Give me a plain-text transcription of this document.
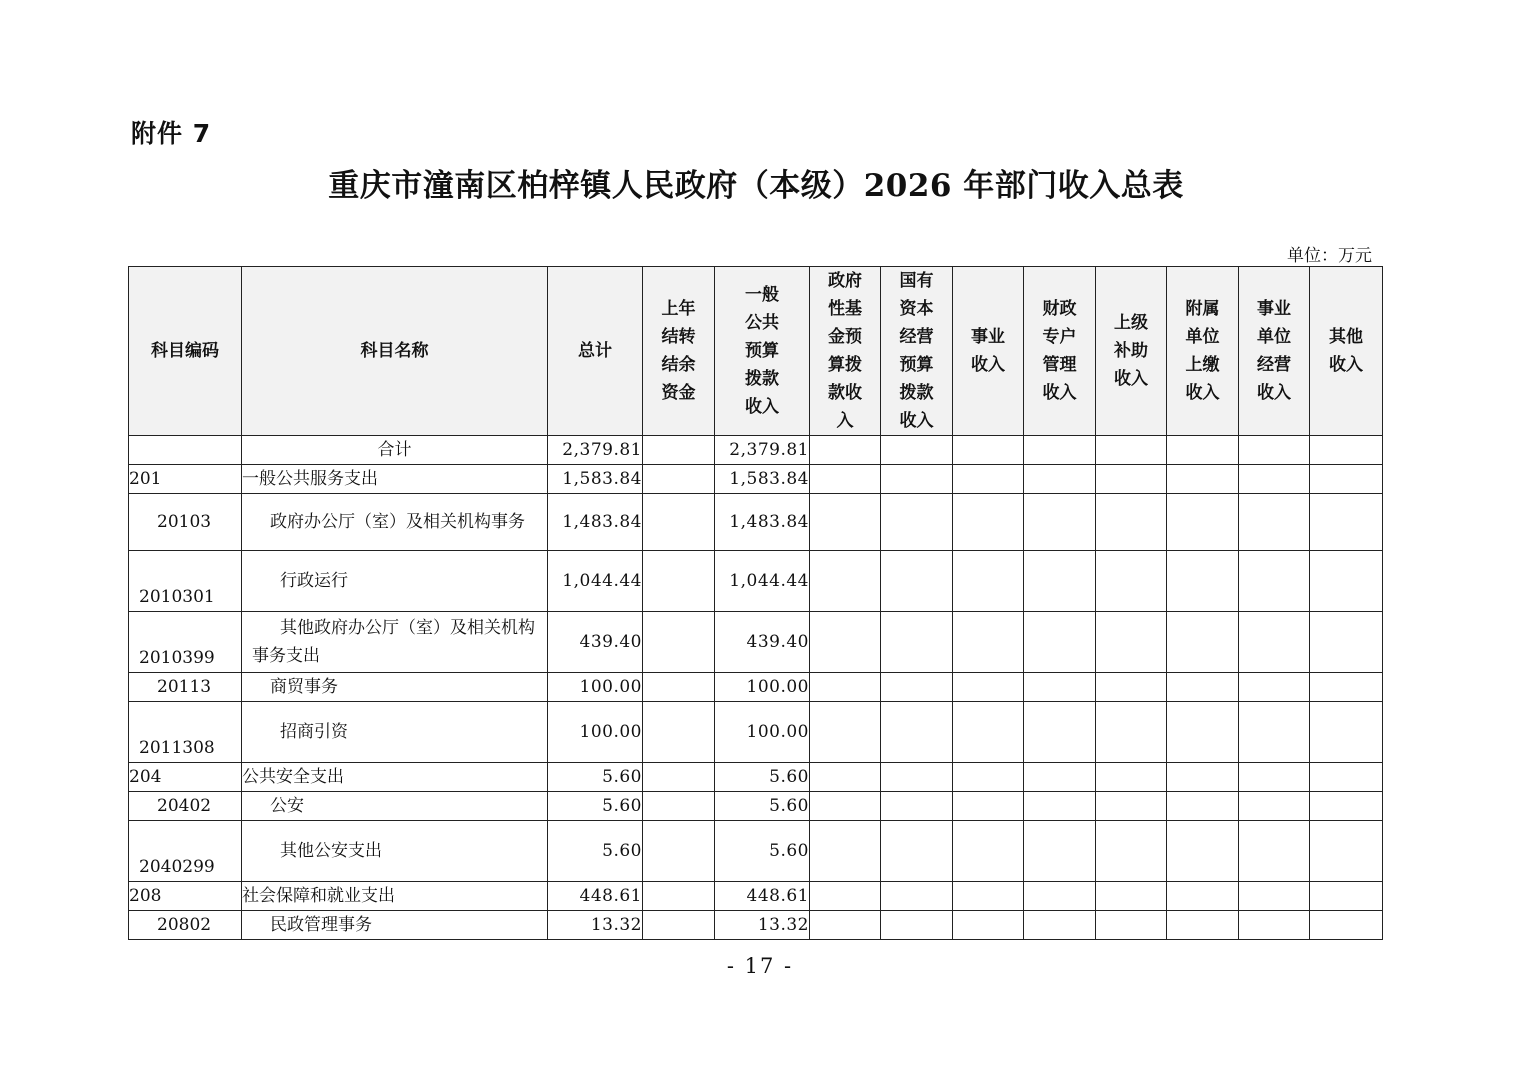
附件 7
重庆市潼南区柏梓镇人民政府（本级）2026 年部门收入总表
单位：万元
科目编码	科目名称	总计	上年结转结余资金	一般公共预算拨款收入	政府性基金预算拨款收入	国有资本经营预算拨款收入	事业收入	财政专户管理收入	上级补助收入	附属单位上缴收入	事业单位经营收入	其他收入

	合计	2,379.81		2,379.81								
201	一般公共服务支出	1,583.84		1,583.84								
20103	政府办公厅（室）及相关机构事务	1,483.84		1,483.84								
2010301	行政运行	1,044.44		1,044.44								
2010399	其他政府办公厅（室）及相关机构事务支出	439.40		439.40								
20113	商贸事务	100.00		100.00								
2011308	招商引资	100.00		100.00								
204	公共安全支出	5.60		5.60								
20402	公安	5.60		5.60								
2040299	其他公安支出	5.60		5.60								
208	社会保障和就业支出	448.61		448.61								
20802	民政管理事务	13.32		13.32								
- 17 -
